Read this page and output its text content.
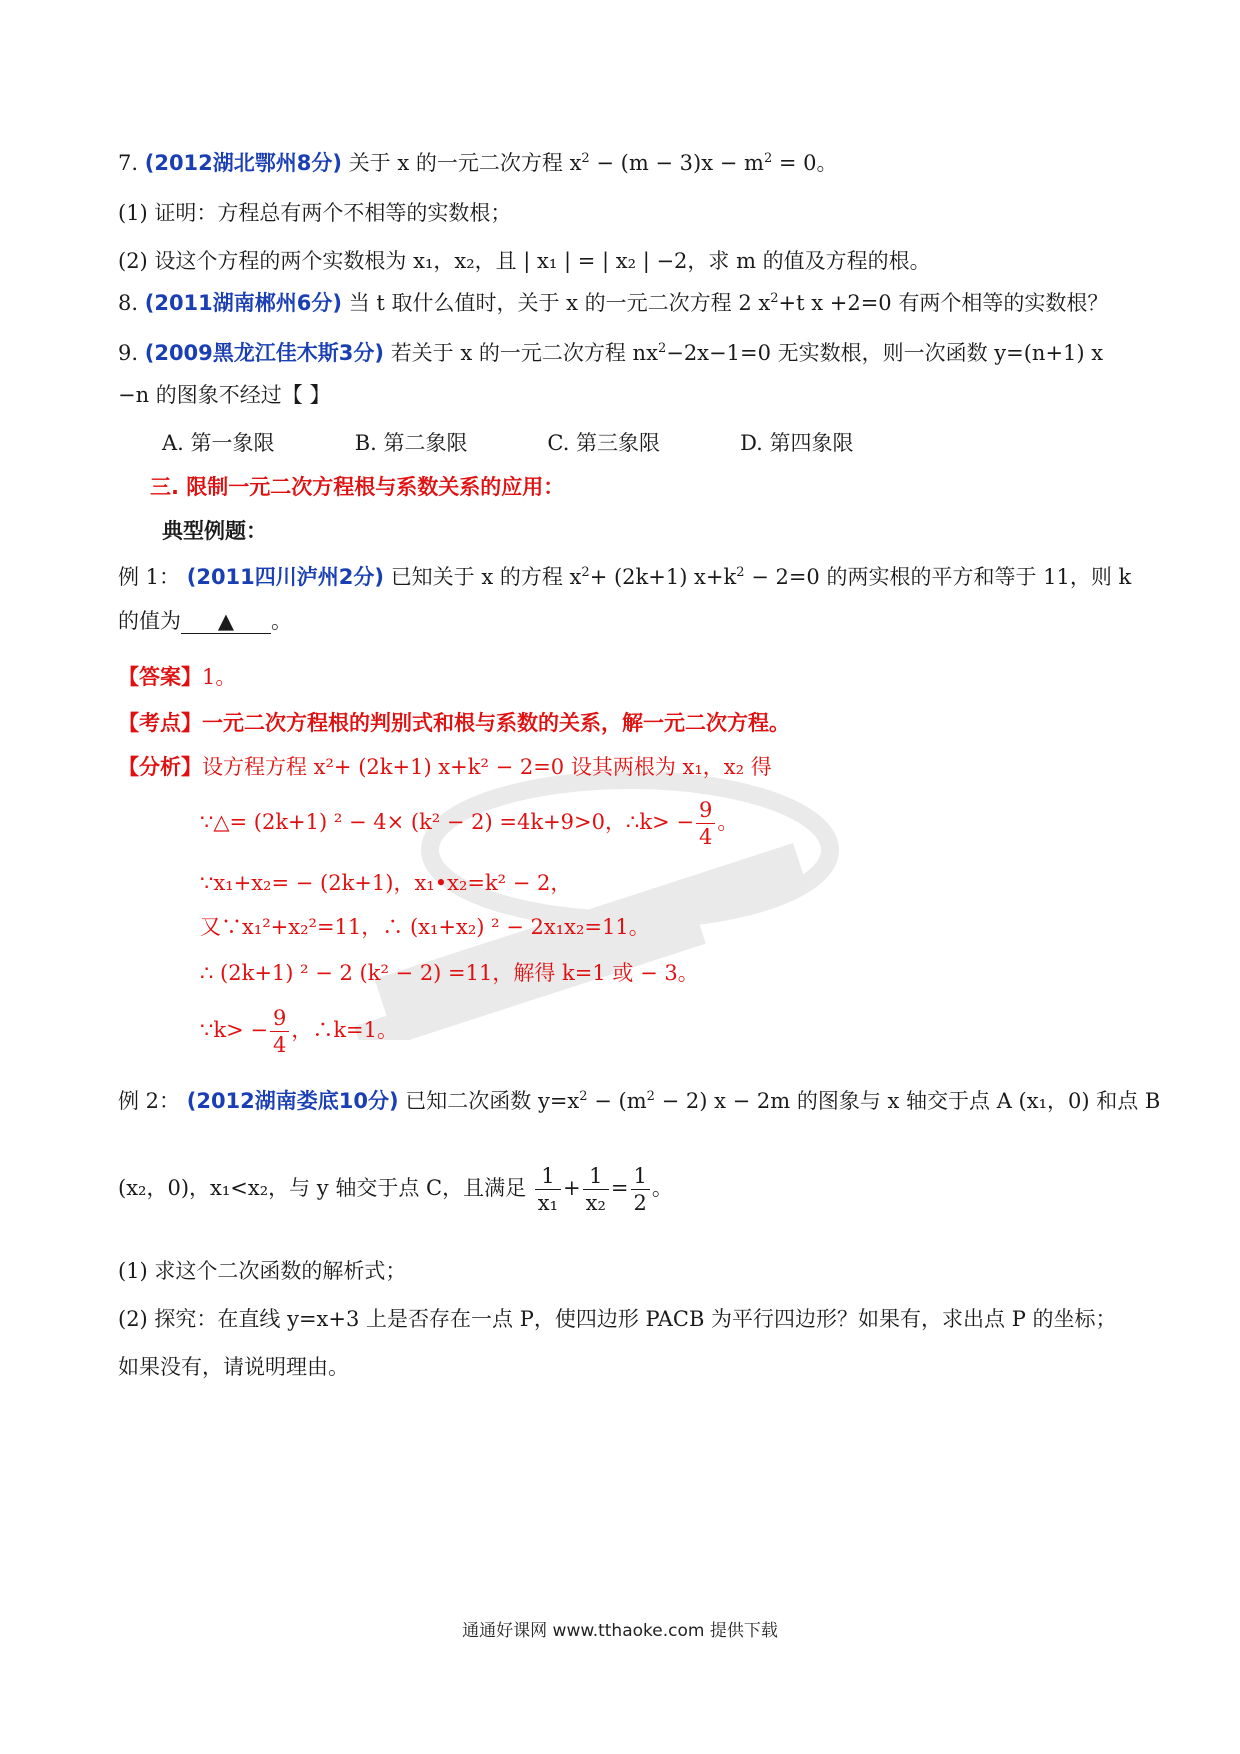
7. (2012湖北鄂州8分) 关于 x 的一元二次方程 $x^2 - (m - 3)x - m^2 = 0$。
(1) 证明：方程总有两个不相等的实数根；
(2) 设这个方程的两个实数根为 x₁，x₂，且 | x₁ | = | x₂ | −2，求 m 的值及方程的根。
8. (2011湖南郴州6分) 当 t 取什么值时，关于 x 的一元二次方程 2 $x^2+t$ x +2=0 有两个相等的实数根？
9. (2009黑龙江佳木斯3分) 若关于 x 的一元二次方程 $nx^2-2x-1=0$ 无实数根，则一次函数 y=(n+1) x
−n 的图象不经过【 】
A. 第一象限	B. 第二象限	C. 第三象限	D. 第四象限
三. 限制一元二次方程根与系数关系的应用：
典型例题：
例 1： (2011四川泸州2分) 已知关于 x 的方程 $x^2+ (2k+1) x+k^2 - 2=0$ 的两实根的平方和等于 11，则 k
的值为 ▲ 。
【答案】1。
【考点】一元二次方程根的判别式和根与系数的关系，解一元二次方程。
【分析】设方程方程 x²+ (2k+1) x+k² − 2=0 设其两根为 x₁，x₂ 得
∵△= (2k+1) ² − 4× (k² − 2) =4k+9>0，∴k> − $\frac{9}{4}$ 。
∵x₁+x₂= − (2k+1)，x₁•x₂=k² − 2，
又∵x₁²+x₂²=11，∴ (x₁+x₂) ² − 2x₁x₂=11。
∴ (2k+1) ² − 2 (k² − 2) =11，解得 k=1 或 − 3。
∵k> − $\frac{9}{4}$ ，∴k=1。
例 2： (2012湖南娄底10分) 已知二次函数 $y=x^2 - (m^2 - 2) x - 2m$ 的图象与 x 轴交于点 A (x₁，0) 和点 B
(x₂，0)，x₁<x₂，与 y 轴交于点 C，且满足 $\frac{1}{\text{x₁}} + \frac{1}{\text{x₂}} = \frac{1}{2}$ 。
(1) 求这个二次函数的解析式；
(2) 探究：在直线 y=x+3 上是否存在一点 P，使四边形 PACB 为平行四边形？如果有，求出点 P 的坐标；
如果没有，请说明理由。
通通好课网 www.tthaoke.com 提供下载
